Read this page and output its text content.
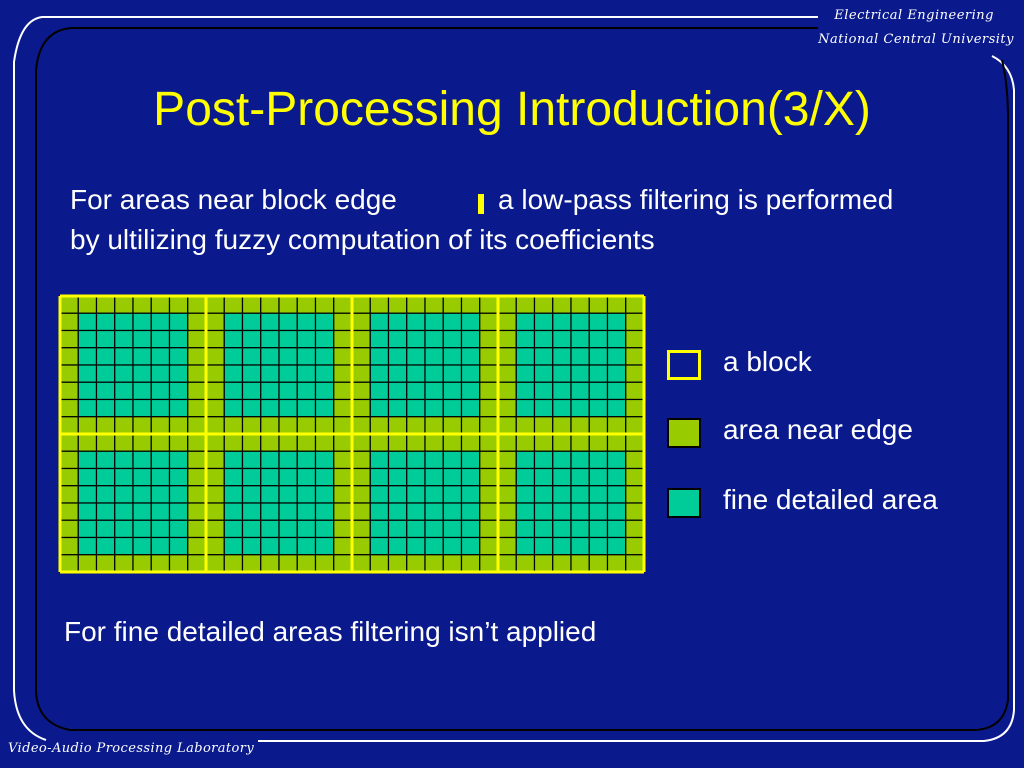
Electrical Engineering
National Central University
Post-Processing Introduction(3/X)
For areas near block edge	a low-pass filtering is performed
by ultilizing fuzzy computation of its coefficients
a block
area near edge
fine detailed area
For fine detailed areas filtering isn’t applied
Video-Audio Processing Laboratory
